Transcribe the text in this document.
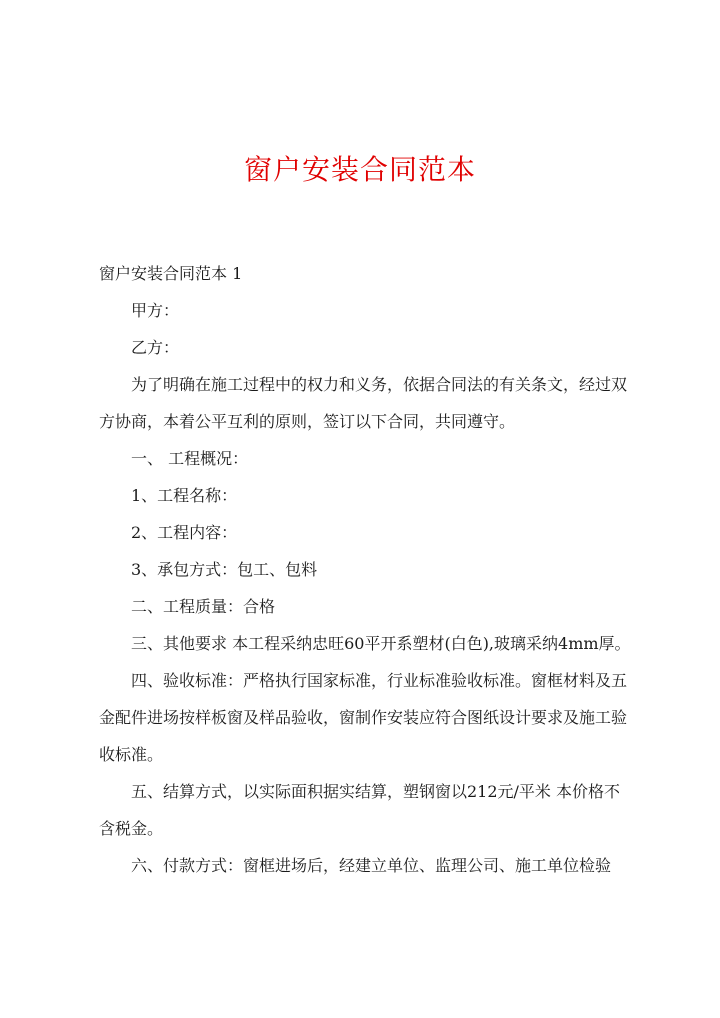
窗户安装合同范本

窗户安装合同范本 1

甲方：

乙方：

为了明确在施工过程中的权力和义务，依据合同法的有关条文，经过双方协商，本着公平互利的原则，签订以下合同，共同遵守。

一、 工程概况：

1、工程名称：

2、工程内容：

3、承包方式：包工、包料

二、工程质量：合格

三、其他要求 本工程采纳忠旺60平开系塑材(白色),玻璃采纳4mm厚。

四、验收标准：严格执行国家标准，行业标准验收标准。窗框材料及五金配件进场按样板窗及样品验收，窗制作安装应符合图纸设计要求及施工验收标准。

五、结算方式，以实际面积据实结算，塑钢窗以212元/平米 本价格不含税金。

六、付款方式：窗框进场后，经建立单位、监理公司、施工单位检验
